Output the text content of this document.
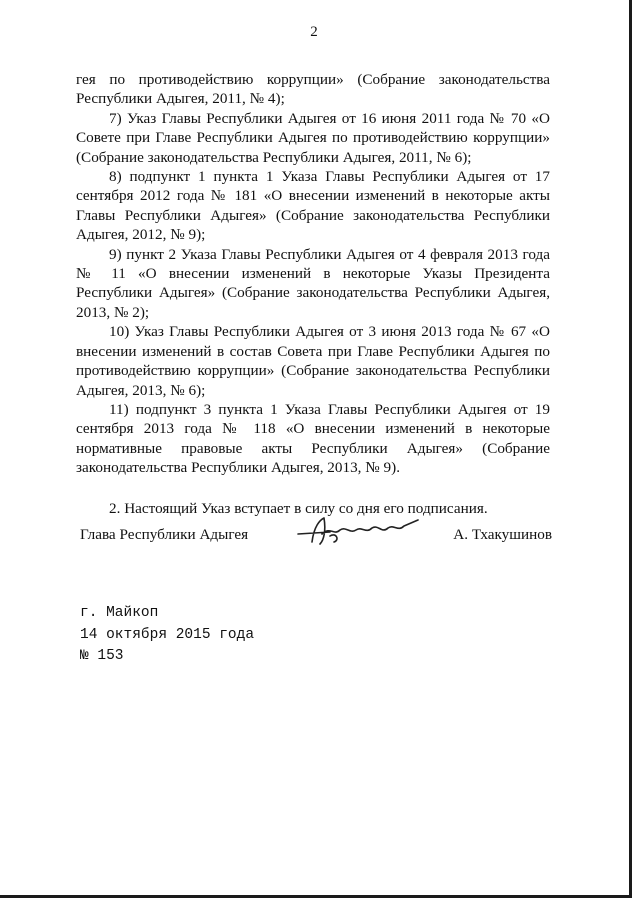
2

гея по противодействию коррупции» (Собрание законодательства Республики Адыгея, 2011, № 4);

7) Указ Главы Республики Адыгея от 16 июня 2011 года № 70 «О Совете при Главе Республики Адыгея по противодействию коррупции» (Собрание законодательства Республики Адыгея, 2011, № 6);

8) подпункт 1 пункта 1 Указа Главы Республики Адыгея от 17 сентября 2012 года № 181 «О внесении изменений в некоторые акты Главы Республики Адыгея» (Собрание законодательства Республики Адыгея, 2012, № 9);

9) пункт 2 Указа Главы Республики Адыгея от 4 февраля 2013 года № 11 «О внесении изменений в некоторые Указы Президента Республики Адыгея» (Собрание законодательства Республики Адыгея, 2013, № 2);

10) Указ Главы Республики Адыгея от 3 июня 2013 года № 67 «О внесении изменений в состав Совета при Главе Республики Адыгея по противодействию коррупции» (Собрание законодательства Республики Адыгея, 2013, № 6);

11) подпункт 3 пункта 1 Указа Главы Республики Адыгея от 19 сентября 2013 года № 118 «О внесении изменений в некоторые нормативные правовые акты Республики Адыгея» (Собрание законодательства Республики Адыгея, 2013, № 9).

2. Настоящий Указ вступает в силу со дня его подписания.

Глава Республики Адыгея	А. Тхакушинов
г. Майкоп
14 октября 2015 года
№ 153
